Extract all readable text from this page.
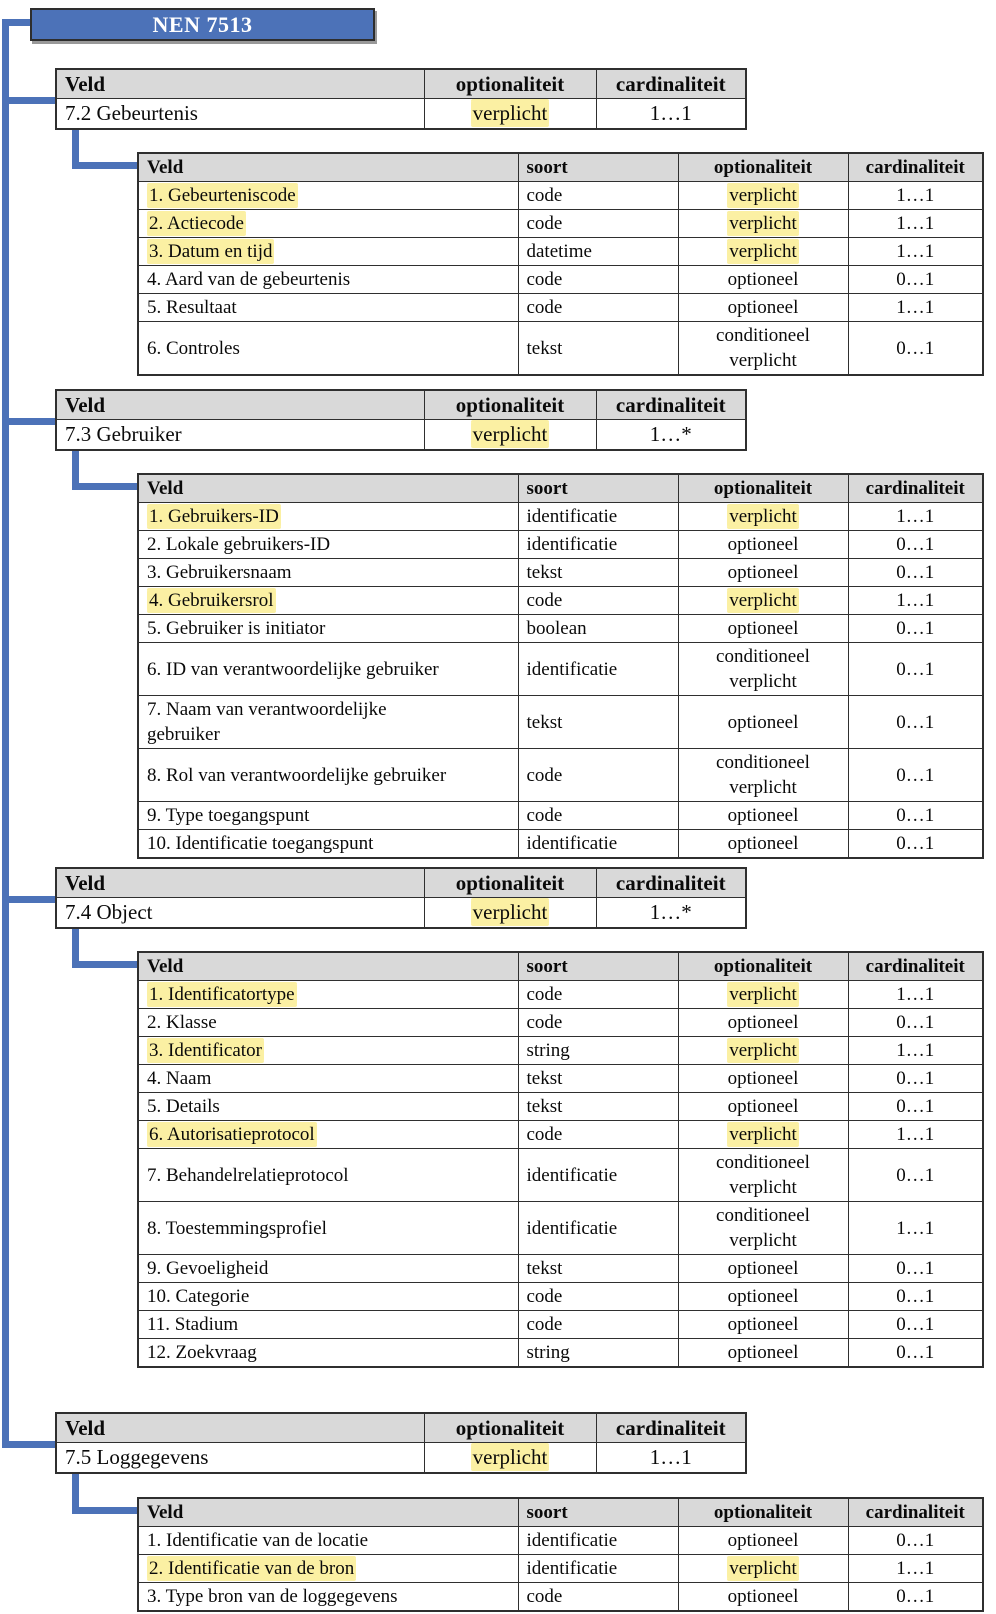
NEN 7513
Veld	optionaliteit	cardinaliteit
7.2 Gebeurtenis	verplicht	1…1
Veld	soort	optionaliteit	cardinaliteit
1. Gebeurteniscode	code	verplicht	1…1
2. Actiecode	code	verplicht	1…1
3. Datum en tijd	datetime	verplicht	1…1
4. Aard van de gebeurtenis	code	optioneel	0…1
5. Resultaat	code	optioneel	1…1
6. Controles	tekst	conditioneel verplicht	0…1
Veld	optionaliteit	cardinaliteit
7.3 Gebruiker	verplicht	1…*
Veld	soort	optionaliteit	cardinaliteit
1. Gebruikers-ID	identificatie	verplicht	1…1
2. Lokale gebruikers-ID	identificatie	optioneel	0…1
3. Gebruikersnaam	tekst	optioneel	0…1
4. Gebruikersrol	code	verplicht	1…1
5. Gebruiker is initiator	boolean	optioneel	0…1
6. ID van verantwoordelijke gebruiker	identificatie	conditioneel verplicht	0…1
7. Naam van verantwoordelijke gebruiker	tekst	optioneel	0…1
8. Rol van verantwoordelijke gebruiker	code	conditioneel verplicht	0…1
9. Type toegangspunt	code	optioneel	0…1
10. Identificatie toegangspunt	identificatie	optioneel	0…1
Veld	optionaliteit	cardinaliteit
7.4 Object	verplicht	1…*
Veld	soort	optionaliteit	cardinaliteit
1. Identificatortype	code	verplicht	1…1
2. Klasse	code	optioneel	0…1
3. Identificator	string	verplicht	1…1
4. Naam	tekst	optioneel	0…1
5. Details	tekst	optioneel	0…1
6. Autorisatieprotocol	code	verplicht	1…1
7. Behandelrelatieprotocol	identificatie	conditioneel verplicht	0…1
8. Toestemmingsprofiel	identificatie	conditioneel verplicht	1…1
9. Gevoeligheid	tekst	optioneel	0…1
10. Categorie	code	optioneel	0…1
11. Stadium	code	optioneel	0…1
12. Zoekvraag	string	optioneel	0…1
Veld	optionaliteit	cardinaliteit
7.5 Loggegevens	verplicht	1…1
Veld	soort	optionaliteit	cardinaliteit
1. Identificatie van de locatie	identificatie	optioneel	0…1
2. Identificatie van de bron	identificatie	verplicht	1…1
3. Type bron van de loggegevens	code	optioneel	0…1
